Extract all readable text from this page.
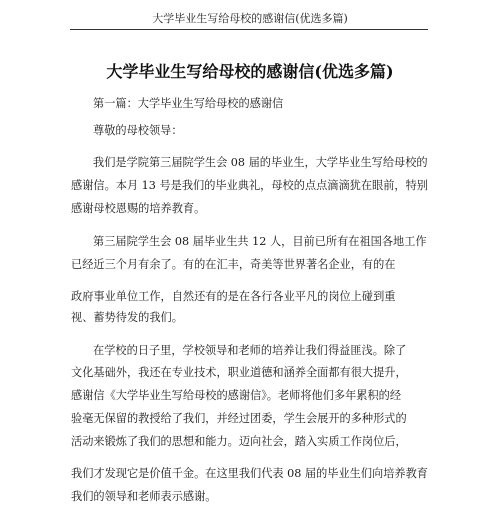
大学毕业生写给母校的感谢信(优选多篇)
大学毕业生写给母校的感谢信(优选多篇)
第一篇：大学毕业生写给母校的感谢信
尊敬的母校领导：
我们是学院第三届院学生会 08 届的毕业生，大学毕业生写给母校的
感谢信。本月 13 号是我们的毕业典礼，母校的点点滴滴犹在眼前，特别
感谢母校恩赐的培养教育。
第三届院学生会 08 届毕业生共 12 人，目前已所有在祖国各地工作
已经近三个月有余了。有的在汇丰，奇美等世界著名企业，有的在
政府事业单位工作，自然还有的是在各行各业平凡的岗位上碰到重
视、蓄势待发的我们。
在学校的日子里，学校领导和老师的培养让我们得益匪浅。除了
文化基础外，我还在专业技术，职业道德和涵养全面都有很大提升，
感谢信《大学毕业生写给母校的感谢信》。老师将他们多年累积的经
验毫无保留的教授给了我们，并经过团委，学生会展开的多种形式的
活动来锻炼了我们的思想和能力。迈向社会，踏入实质工作岗位后，
我们才发现它是价值千金。在这里我们代表 08 届的毕业生们向培养教育
我们的领导和老师表示感谢。
